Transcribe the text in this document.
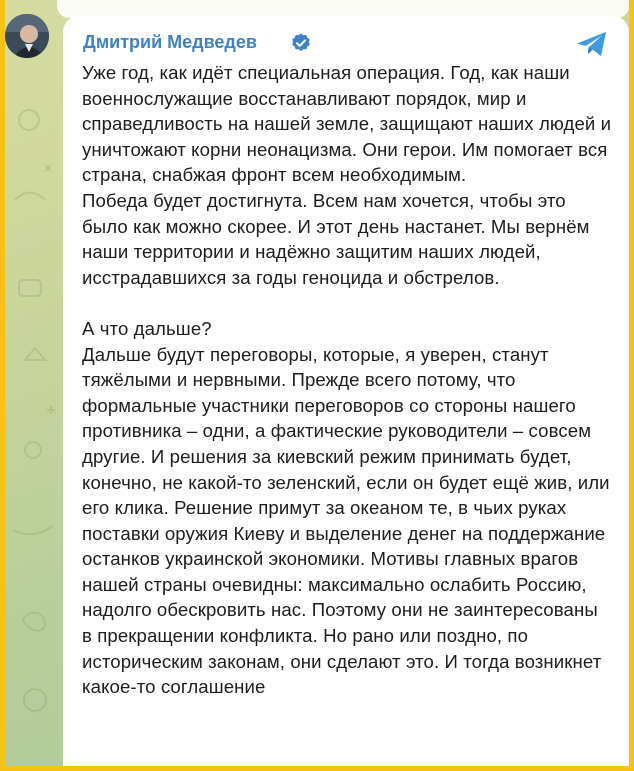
Дмитрий Медведев

Уже год, как идёт специальная операция. Год, как наши военнослужащие восстанавливают порядок, мир и справедливость на нашей земле, защищают наших людей и уничтожают корни неонацизма. Они герои. Им помогает вся страна, снабжая фронт всем необходимым.

Победа будет достигнута. Всем нам хочется, чтобы это было как можно скорее. И этот день настанет. Мы вернём наши территории и надёжно защитим наших людей, исстрадавшихся за годы геноцида и обстрелов.

А что дальше?

Дальше будут переговоры, которые, я уверен, станут тяжёлыми и нервными. Прежде всего потому, что формальные участники переговоров со стороны нашего противника – одни, а фактические руководители – совсем другие. И решения за киевский режим принимать будет, конечно, не какой-то зеленский, если он будет ещё жив, или его клика. Решение примут за океаном те, в чьих руках поставки оружия Киеву и выделение денег на поддержание останков украинской экономики. Мотивы главных врагов нашей страны очевидны: максимально ослабить Россию, надолго обескровить нас. Поэтому они не заинтересованы в прекращении конфликта. Но рано или поздно, по историческим законам, они сделают это. И тогда возникнет какое-то соглашение
